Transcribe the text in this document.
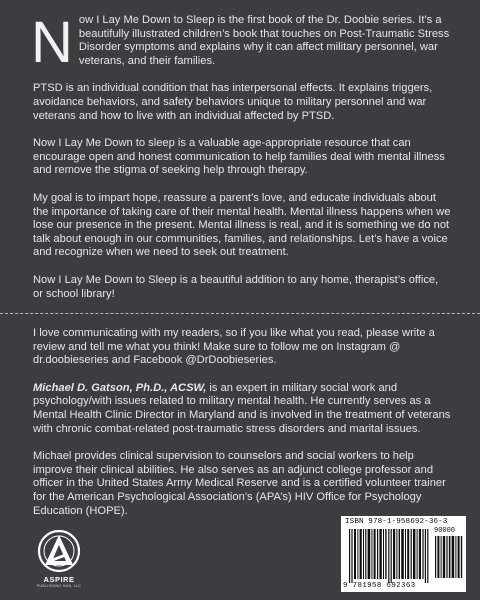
Now I Lay Me Down to Sleep is the first book of the Dr. Doobie series. It’s a beautifully illustrated children’s book that touches on Post-Traumatic Stress Disorder symptoms and explains why it can affect military personnel, war veterans, and their families.

PTSD is an individual condition that has interpersonal effects. It explains triggers, avoidance behaviors, and safety behaviors unique to military personnel and war veterans and how to live with an individual affected by PTSD.

Now I Lay Me Down to sleep is a valuable age-appropriate resource that can encourage open and honest communication to help families deal with mental illness and remove the stigma of seeking help through therapy.

My goal is to impart hope, reassure a parent’s love, and educate individuals about the importance of taking care of their mental health. Mental illness happens when we lose our presence in the present. Mental illness is real, and it is something we do not talk about enough in our communities, families, and relationships. Let’s have a voice and recognize when we need to seek out treatment.

Now I Lay Me Down to Sleep is a beautiful addition to any home, therapist’s office, or school library!

I love communicating with my readers, so if you like what you read, please write a review and tell me what you think! Make sure to follow me on Instagram @ dr.doobieseries and Facebook @DrDoobieseries.

Michael D. Gatson, Ph.D., ACSW, is an expert in military social work and psychology/with issues related to military mental health. He currently serves as a Mental Health Clinic Director in Maryland and is involved in the treatment of veterans with chronic combat-related post-traumatic stress disorders and marital issues.

Michael provides clinical supervision to counselors and social workers to help improve their clinical abilities. He also serves as an adjunct college professor and officer in the United States Army Medical Reserve and is a certified volunteer trainer for the American Psychological Association’s (APA’s) HIV Office for Psychology Education (HOPE).

ASPIRE
PUBLISHING HUB, LLC
ISBN 978-1-958692-36-3
90000
9 781958 692363
